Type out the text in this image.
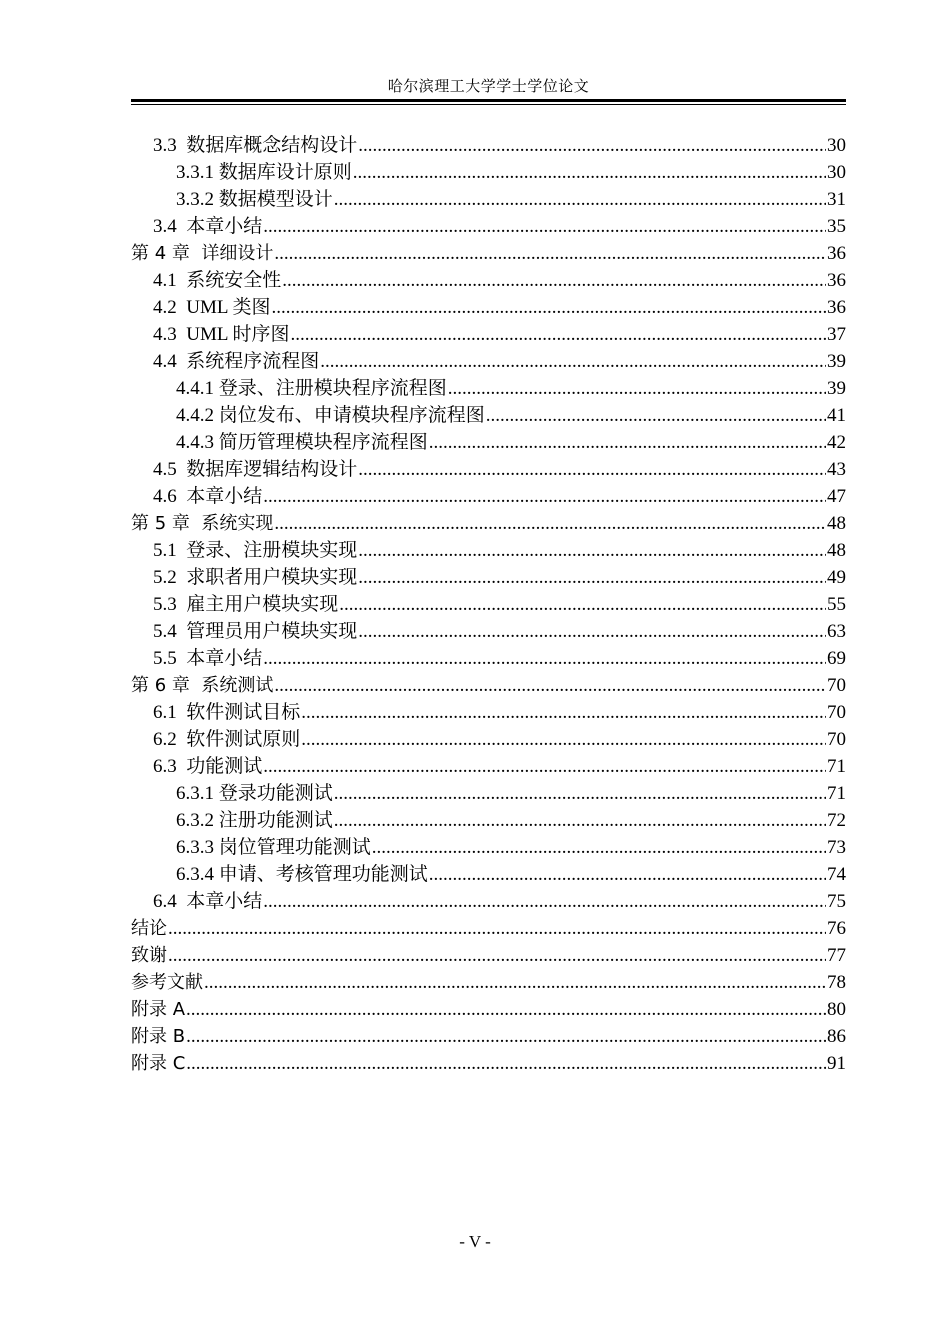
哈尔滨理工大学学士学位论文
3.3 数据库概念结构设计 .....	30
3.3.1 数据库设计原则 .....	30
3.3.2 数据模型设计 .....	31
3.4 本章小结 .....	35
第 4 章 详细设计 .....	36
4.1 系统安全性 .....	36
4.2 UML 类图 .....	36
4.3 UML 时序图 .....	37
4.4 系统程序流程图 .....	39
4.4.1 登录、注册模块程序流程图 .....	39
4.4.2 岗位发布、申请模块程序流程图 .....	41
4.4.3 简历管理模块程序流程图 .....	42
4.5 数据库逻辑结构设计 .....	43
4.6 本章小结 .....	47
第 5 章 系统实现 .....	48
5.1 登录、注册模块实现 .....	48
5.2 求职者用户模块实现 .....	49
5.3 雇主用户模块实现 .....	55
5.4 管理员用户模块实现 .....	63
5.5 本章小结 .....	69
第 6 章 系统测试 .....	70
6.1 软件测试目标 .....	70
6.2 软件测试原则 .....	70
6.3 功能测试 .....	71
6.3.1 登录功能测试 .....	71
6.3.2 注册功能测试 .....	72
6.3.3 岗位管理功能测试 .....	73
6.3.4 申请、考核管理功能测试 .....	74
6.4 本章小结 .....	75
结论 .....	76
致谢 .....	77
参考文献 .....	78
附录 A .....	80
附录 B .....	86
附录 C .....	91
- V -
